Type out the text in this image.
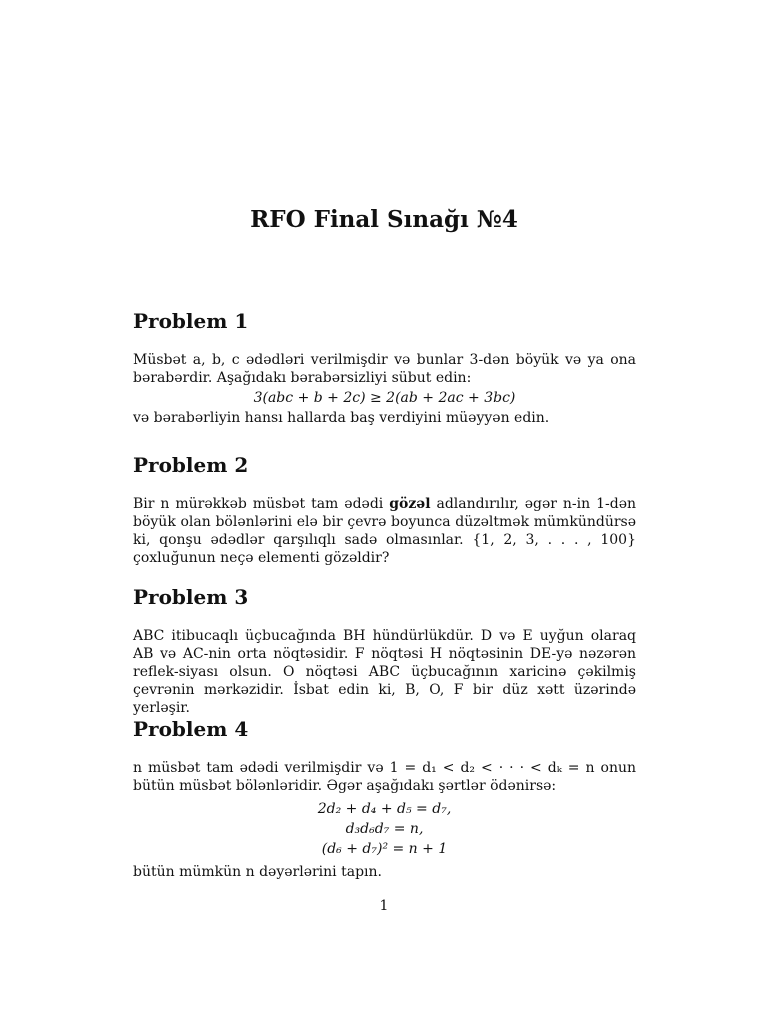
RFO Final Sınağı №4
Problem 1

Müsbət a, b, c ədədləri verilmişdir və bunlar 3-dən böyük və ya ona bərabərdir. Aşağıdakı bərabərsizliyi sübut edin:

3(abc + b + 2c) ≥ 2(ab + 2ac + 3bc)

və bərabərliyin hansı hallarda baş verdiyini müəyyən edin.

Problem 2

Bir n mürəkkəb müsbət tam ədədi gözəl adlandırılır, əgər n-in 1-dən böyük olan bölənlərini elə bir çevrə boyunca düzəltmək mümkündürsə ki, qonşu ədədlər qarşılıqlı sadə olmasınlar. {1, 2, 3, . . . , 100} çoxluğunun neçə elementi gözəldir?

Problem 3

ABC itibucaqlı üçbucağında BH hündürlükdür. D və E uyğun olaraq AB və AC-nin orta nöqtəsidir. F nöqtəsi H nöqtəsinin DE-yə nəzərən reflek-siyası olsun. O nöqtəsi ABC üçbucağının xaricinə çəkilmiş çevrənin mərkəzidir. İsbat edin ki, B, O, F bir düz xətt üzərində yerləşir.

Problem 4

n müsbət tam ədədi verilmişdir və 1 = d₁ < d₂ < · · · < dₖ = n onun bütün müsbət bölənləridir. Əgər aşağıdakı şərtlər ödənirsə:

2d₂ + d₄ + d₅ = d₇,
d₃d₆d₇ = n,
(d₆ + d₇)² = n + 1

bütün mümkün n dəyərlərini tapın.

1
